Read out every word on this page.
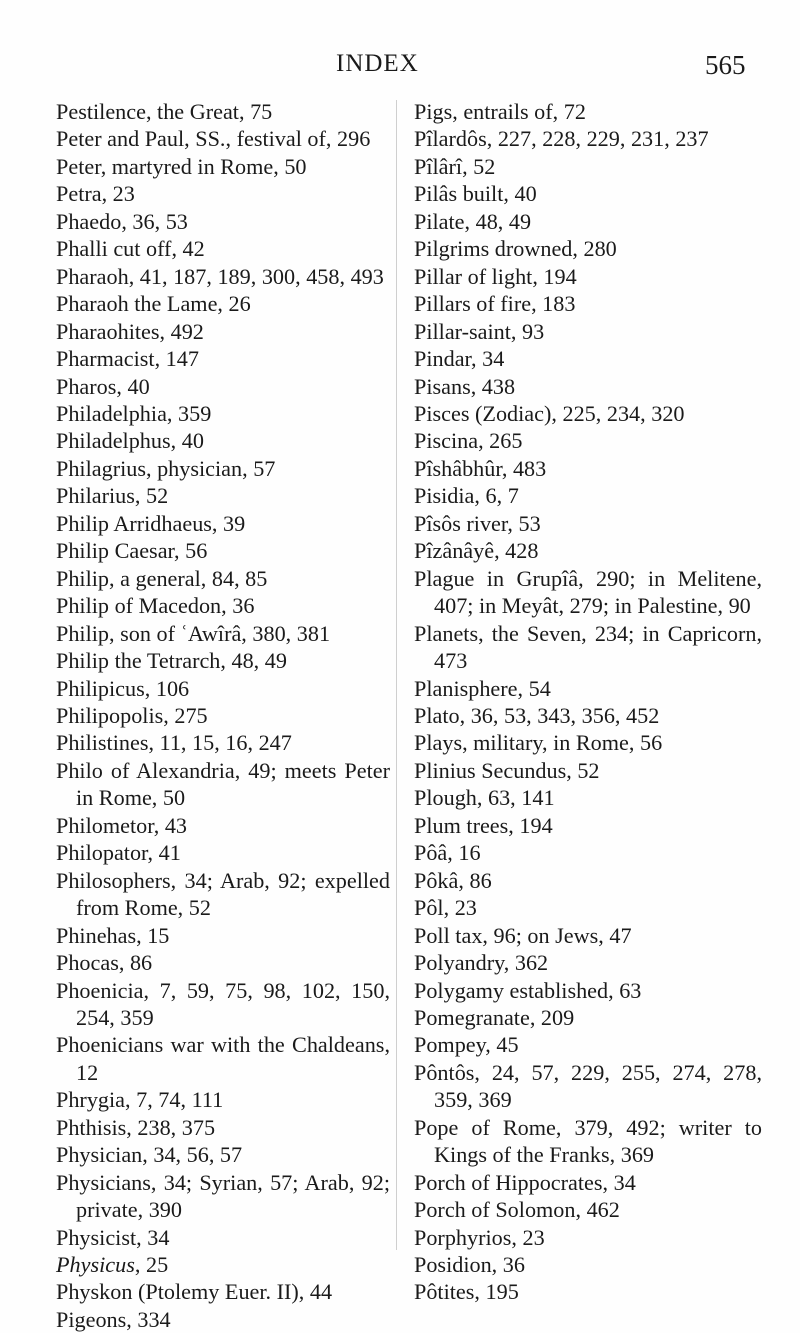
INDEX	565
Pestilence, the Great, 75
Peter and Paul, SS., festival of, 296
Peter, martyred in Rome, 50
Petra, 23
Phaedo, 36, 53
Phalli cut off, 42
Pharaoh, 41, 187, 189, 300, 458, 493
Pharaoh the Lame, 26
Pharaohites, 492
Pharmacist, 147
Pharos, 40
Philadelphia, 359
Philadelphus, 40
Philagrius, physician, 57
Philarius, 52
Philip Arridhaeus, 39
Philip Caesar, 56
Philip, a general, 84, 85
Philip of Macedon, 36
Philip, son of ʿAwîrâ, 380, 381
Philip the Tetrarch, 48, 49
Philipicus, 106
Philipopolis, 275
Philistines, 11, 15, 16, 247
Philo of Alexandria, 49; meets Peter in Rome, 50
Philometor, 43
Philopator, 41
Philosophers, 34; Arab, 92; expelled from Rome, 52
Phinehas, 15
Phocas, 86
Phoenicia, 7, 59, 75, 98, 102, 150, 254, 359
Phoenicians war with the Chaldeans, 12
Phrygia, 7, 74, 111
Phthisis, 238, 375
Physician, 34, 56, 57
Physicians, 34; Syrian, 57; Arab, 92; private, 390
Physicist, 34
Physicus, 25
Physkon (Ptolemy Euer. II), 44
Pigeons, 334
Pigs, entrails of, 72
Pîlardôs, 227, 228, 229, 231, 237
Pîlârî, 52
Pilâs built, 40
Pilate, 48, 49
Pilgrims drowned, 280
Pillar of light, 194
Pillars of fire, 183
Pillar-saint, 93
Pindar, 34
Pisans, 438
Pisces (Zodiac), 225, 234, 320
Piscina, 265
Pîshâbhûr, 483
Pisidia, 6, 7
Pîsôs river, 53
Pîzânâyê, 428
Plague in Grupîâ, 290; in Melitene, 407; in Meyât, 279; in Palestine, 90
Planets, the Seven, 234; in Capricorn, 473
Planisphere, 54
Plato, 36, 53, 343, 356, 452
Plays, military, in Rome, 56
Plinius Secundus, 52
Plough, 63, 141
Plum trees, 194
Pôâ, 16
Pôkâ, 86
Pôl, 23
Poll tax, 96; on Jews, 47
Polyandry, 362
Polygamy established, 63
Pomegranate, 209
Pompey, 45
Pôntôs, 24, 57, 229, 255, 274, 278, 359, 369
Pope of Rome, 379, 492; writer to Kings of the Franks, 369
Porch of Hippocrates, 34
Porch of Solomon, 462
Porphyrios, 23
Posidion, 36
Pôtites, 195
